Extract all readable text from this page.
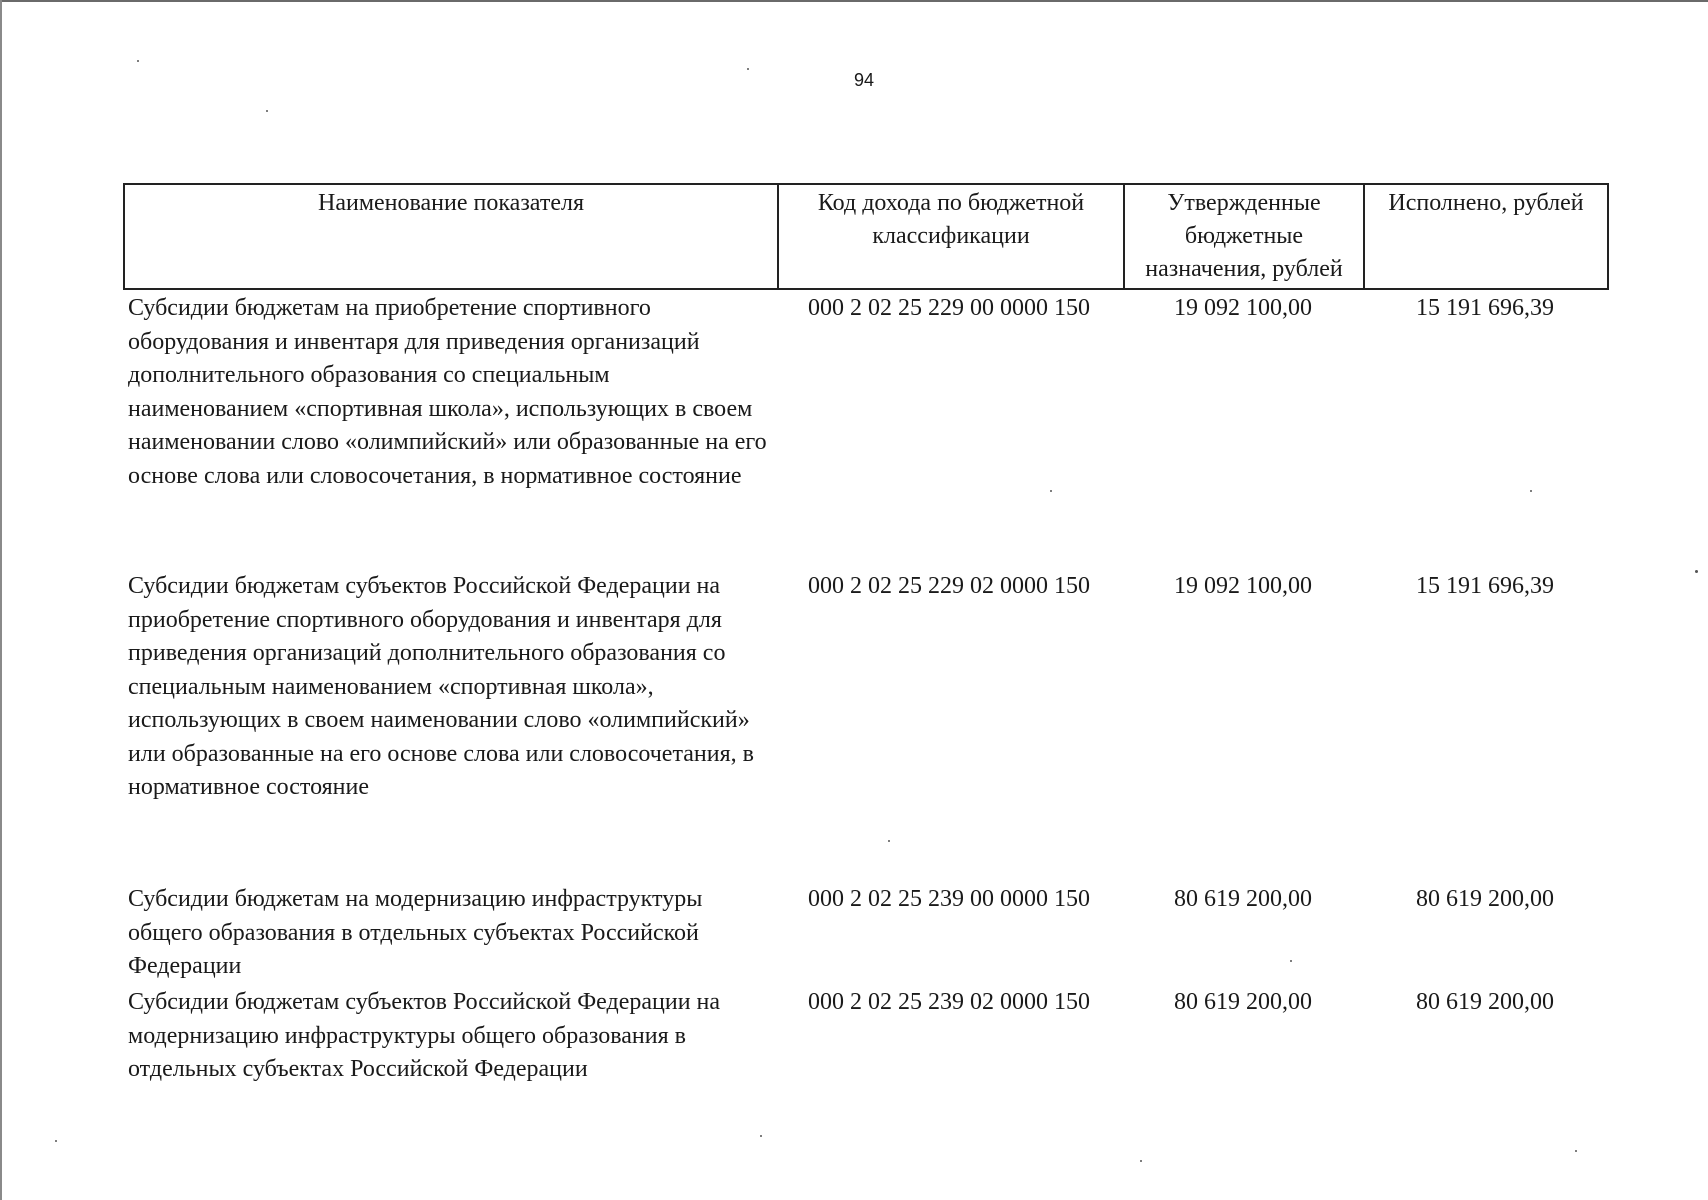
94
Наименование показателя	Код дохода по бюджетной классификации	Утвержденные бюджетные назначения, рублей	Исполнено, рублей
Субсидии бюджетам на приобретение спортивного оборудования и инвентаря для приведения организаций дополнительного образования со специальным наименованием «спортивная школа», использующих в своем наименовании слово «олимпийский» или образованные на его основе слова или словосочетания, в нормативное состояние	000 2 02 25 229 00 0000 150	19 092 100,00	15 191 696,39
Субсидии бюджетам субъектов Российской Федерации на приобретение спортивного оборудования и инвентаря для приведения организаций дополнительного образования со специальным наименованием «спортивная школа», использующих в своем наименовании слово «олимпийский» или образованные на его основе слова или словосочетания, в нормативное состояние	000 2 02 25 229 02 0000 150	19 092 100,00	15 191 696,39
Субсидии бюджетам на модернизацию инфраструктуры общего образования в отдельных субъектах Российской Федерации	000 2 02 25 239 00 0000 150	80 619 200,00	80 619 200,00
Субсидии бюджетам субъектов Российской Федерации на модернизацию инфраструктуры общего образования в отдельных субъектах Российской Федерации	000 2 02 25 239 02 0000 150	80 619 200,00	80 619 200,00
